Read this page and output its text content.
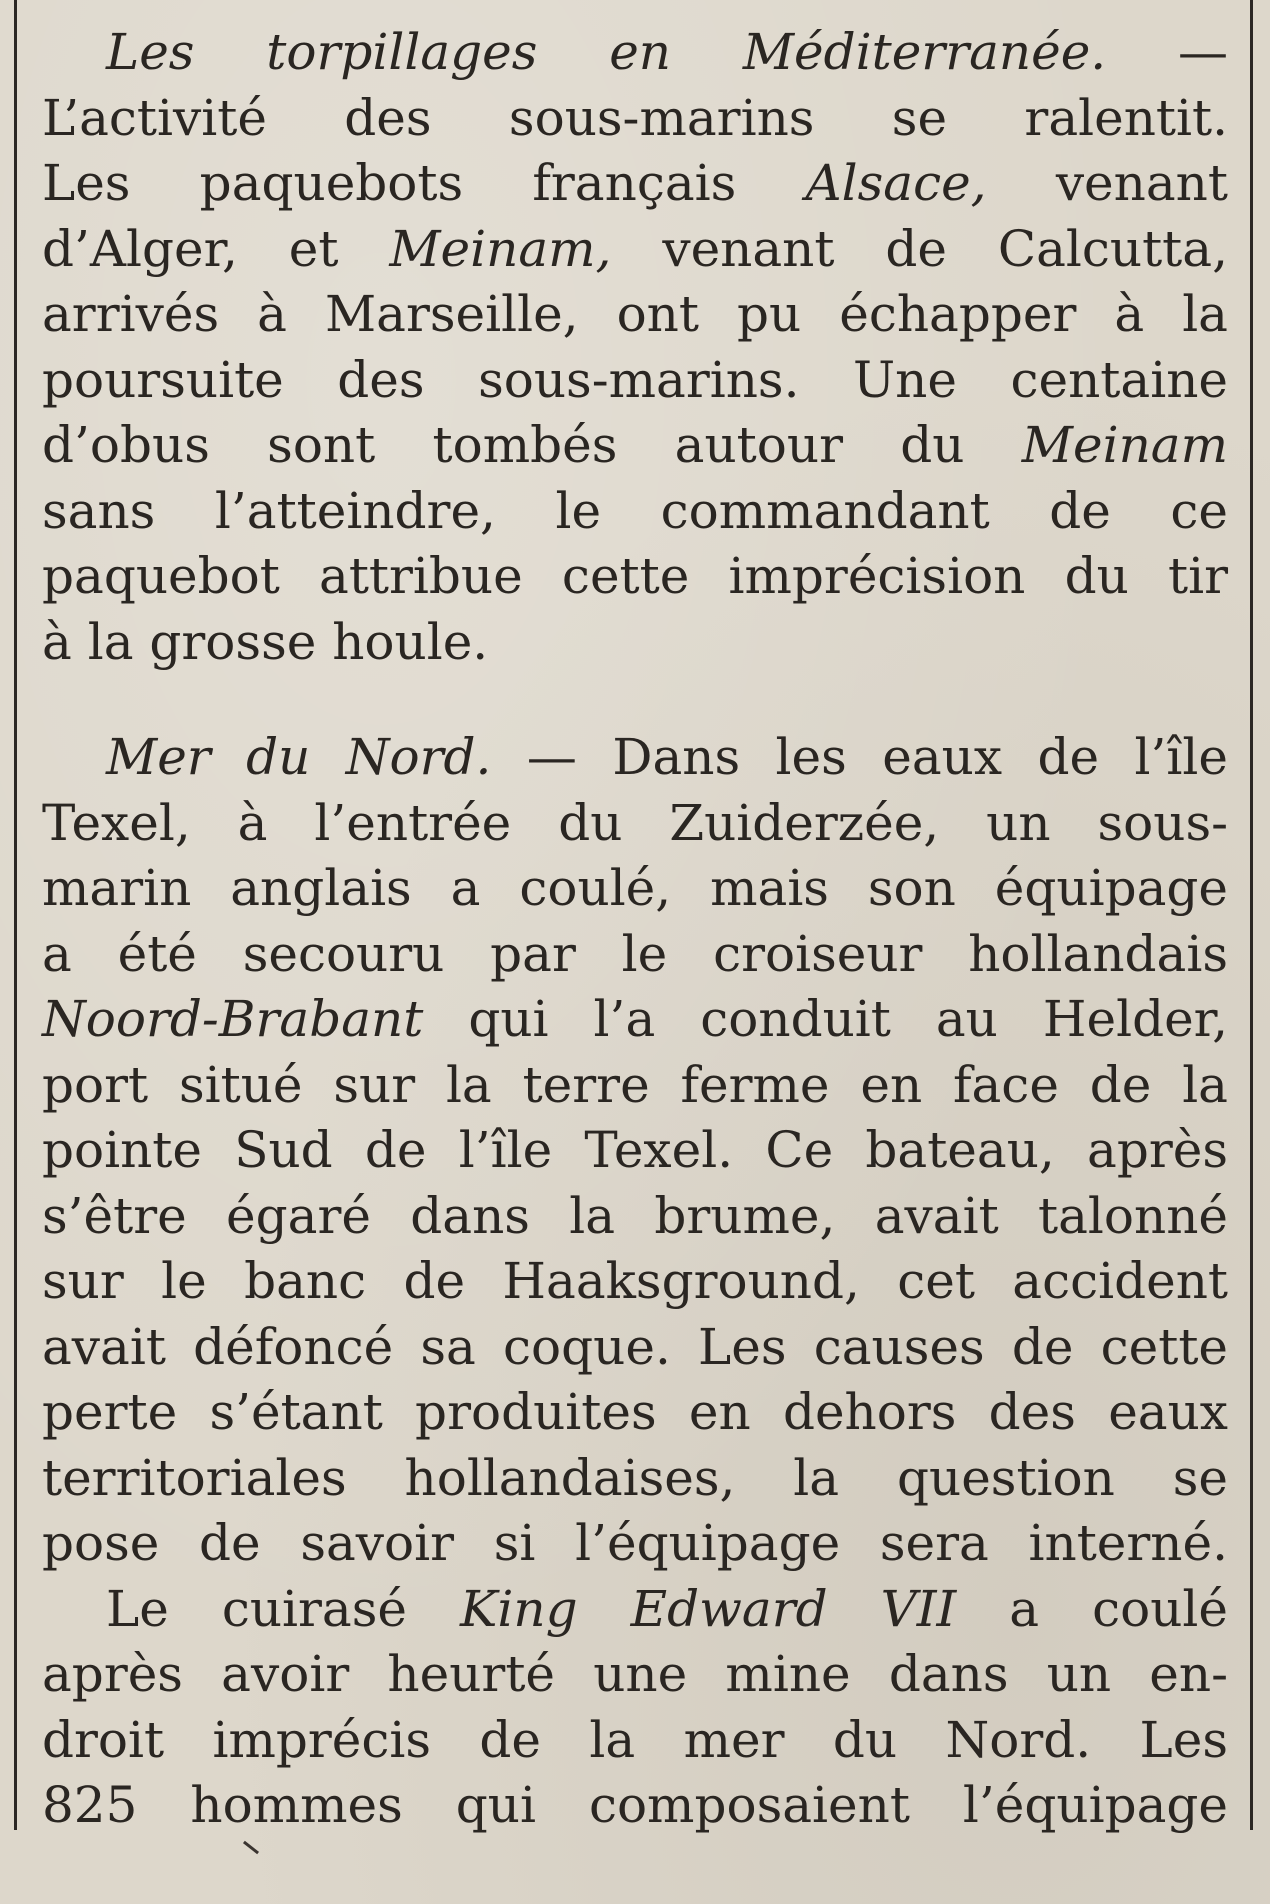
Les torpillages en Méditerranée. —
L’activité des sous-marins se ralentit.
Les paquebots français Alsace, venant
d’Alger, et Meinam, venant de Calcutta,
arrivés à Marseille, ont pu échapper à la
poursuite des sous-marins. Une centaine
d’obus sont tombés autour du Meinam
sans l’atteindre, le commandant de ce
paquebot attribue cette imprécision du tir
à la grosse houle.

Mer du Nord. — Dans les eaux de l’île
Texel, à l’entrée du Zuiderzée, un sous-
marin anglais a coulé, mais son équipage
a été secouru par le croiseur hollandais
Noord-Brabant qui l’a conduit au Helder,
port situé sur la terre ferme en face de la
pointe Sud de l’île Texel. Ce bateau, après
s’être égaré dans la brume, avait talonné
sur le banc de Haaksground, cet accident
avait défoncé sa coque. Les causes de cette
perte s’étant produites en dehors des eaux
territoriales hollandaises, la question se
pose de savoir si l’équipage sera interné.

Le cuirasé King Edward VII a coulé
après avoir heurté une mine dans un en-
droit imprécis de la mer du Nord. Les
825 hommes qui composaient l’équipage
